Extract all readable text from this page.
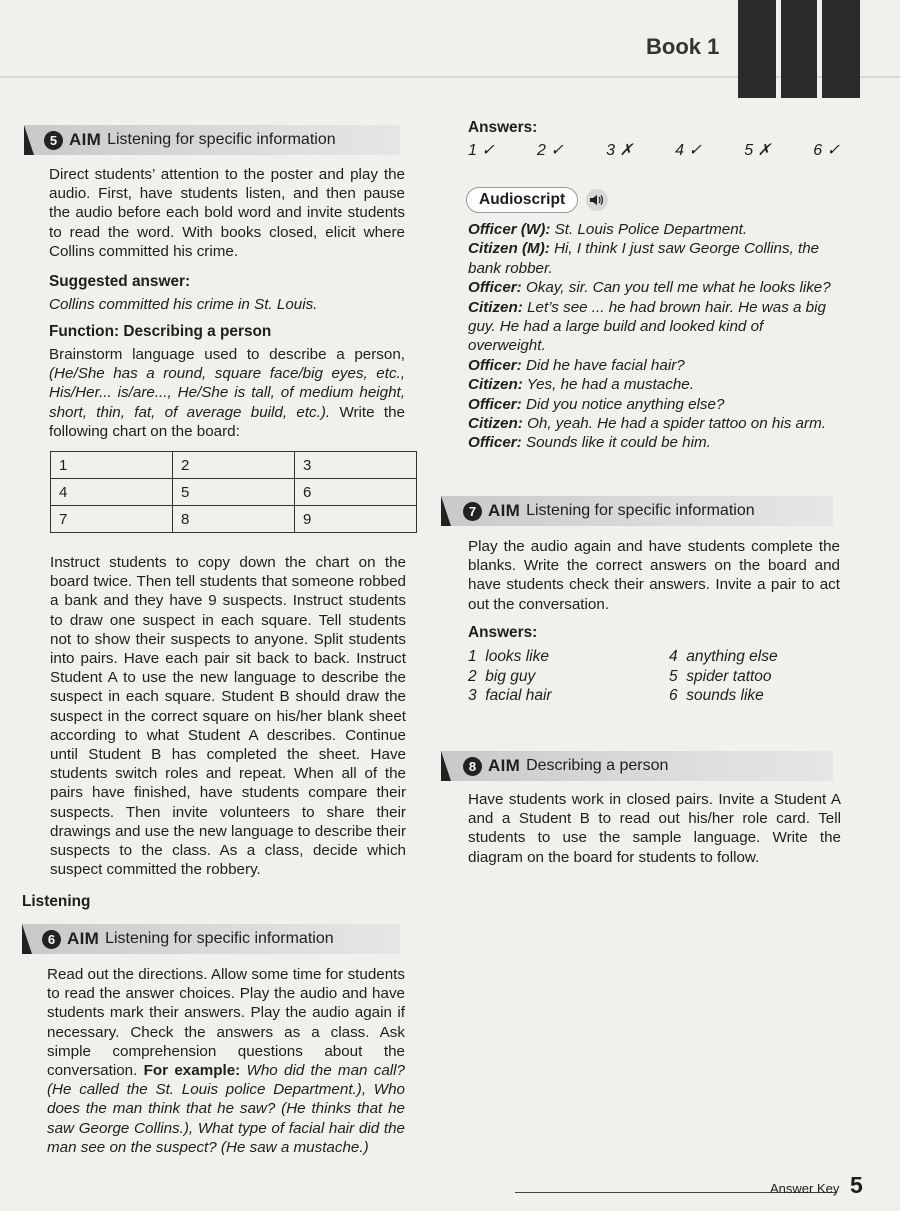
Book 1
5 AIM Listening for specific information
Direct students’ attention to the poster and play the audio. First, have students listen, and then pause the audio before each bold word and invite students to read the word. With books closed, elicit where Collins committed his crime.
Suggested answer:
Collins committed his crime in St. Louis.
Function: Describing a person
Brainstorm language used to describe a person, (He/She has a round, square face/big eyes, etc., His/Her... is/are..., He/She is tall, of medium height, short, thin, fat, of average build, etc.). Write the following chart on the board:
1	2	3
4	5	6
7	8	9
Instruct students to copy down the chart on the board twice. Then tell students that someone robbed a bank and they have 9 suspects. Instruct students to draw one suspect in each square. Tell students not to show their suspects to anyone. Split students into pairs. Have each pair sit back to back. Instruct Student A to use the new language to describe the suspect in each square. Student B should draw the suspect in the correct square on his/her blank sheet according to what Student A describes. Continue until Student B has completed the sheet. Have students switch roles and repeat. When all of the pairs have finished, have students compare their suspects. Then invite volunteers to share their drawings and use the new language to describe their suspects to the class. As a class, decide which suspect committed the robbery.
Listening
6 AIM Listening for specific information
Read out the directions. Allow some time for students to read the answer choices. Play the audio and have students mark their answers. Play the audio again if necessary. Check the answers as a class. Ask simple comprehension questions about the conversation. For example: Who did the man call? (He called the St. Louis police Department.), Who does the man think that he saw? (He thinks that he saw George Collins.), What type of facial hair did the man see on the suspect? (He saw a mustache.)
Answers:
1 ✓	2 ✓	3 ✗	4 ✓	5 ✗	6 ✓
Audioscript

Officer (W): St. Louis Police Department.

Citizen (M): Hi, I think I just saw George Collins, the bank robber.

Officer: Okay, sir. Can you tell me what he looks like?

Citizen: Let’s see ... he had brown hair. He was a big guy. He had a large build and looked kind of overweight.

Officer: Did he have facial hair?

Citizen: Yes, he had a mustache.

Officer: Did you notice anything else?

Citizen: Oh, yeah. He had a spider tattoo on his arm.

Officer: Sounds like it could be him.

7 AIM Listening for specific information
Play the audio again and have students complete the blanks. Write the correct answers on the board and have students check their answers. Invite a pair to act out the conversation.
Answers:
1 looks like
2 big guy
3 facial hair
4 anything else
5 spider tattoo
6 sounds like
8 AIM Describing a person
Have students work in closed pairs. Invite a Student A and a Student B to read out his/her role card. Tell students to use the sample language. Write the diagram on the board for students to follow.
Answer Key 5
